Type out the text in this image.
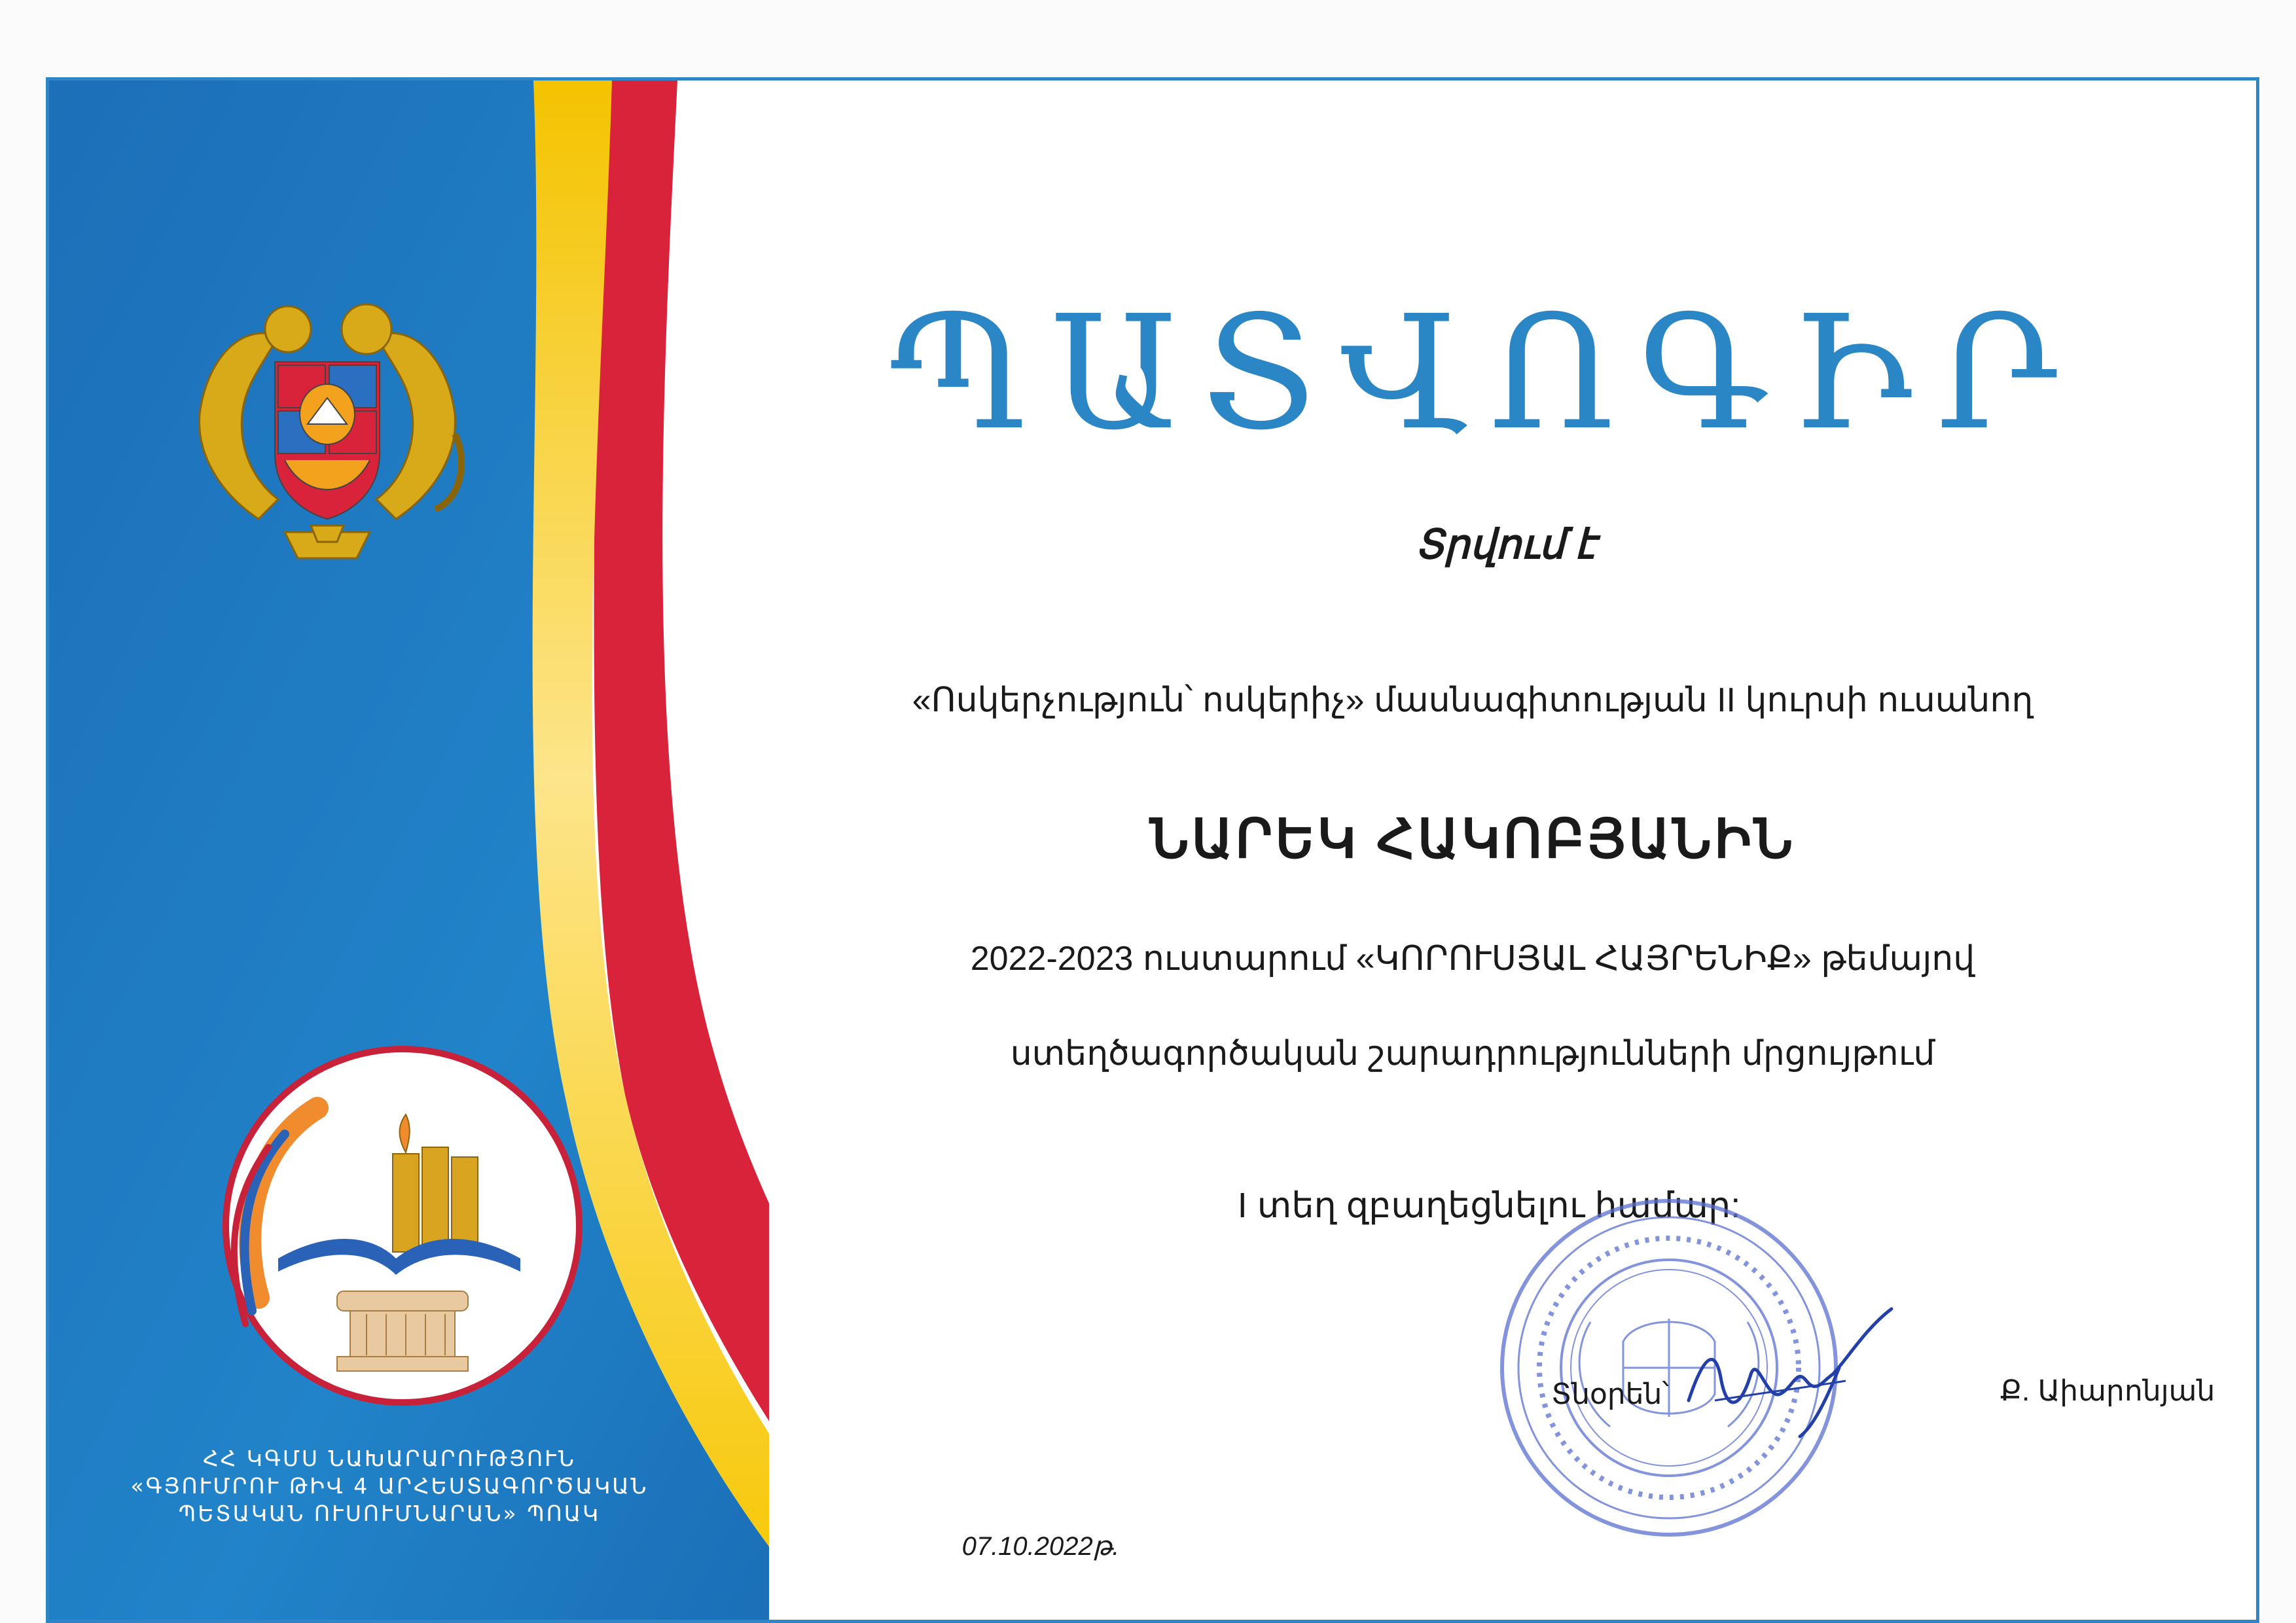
ՀՀ ԿԳՄՍ ՆԱԽԱՐԱՐՈՒԹՅՈՒՆ
«ԳՅՈՒՄՐՈՒ ԹԻՎ 4 ԱՐՀԵՍՏԱԳՈՐԾԱԿԱՆ
ՊԵՏԱԿԱՆ ՈՒՍՈՒՄՆԱՐԱՆ» ՊՈԱԿ
ՊԱՏՎՈԳԻՐ
Տրվում է
«Ոսկերչություն՝ ոսկերիչ» մասնագիտության II կուրսի ուսանող
ՆԱՐԵԿ ՀԱԿՈԲՅԱՆԻՆ
2022-2023 ուստարում «ԿՈՐՈՒՍՅԱԼ ՀԱՅՐԵՆԻՔ» թեմայով
ստեղծագործական շարադրությունների մրցույթում
I տեղ զբաղեցնելու համար:
Տնօրեն՝	Ք. Աիարոնյան
07.10.2022թ.
